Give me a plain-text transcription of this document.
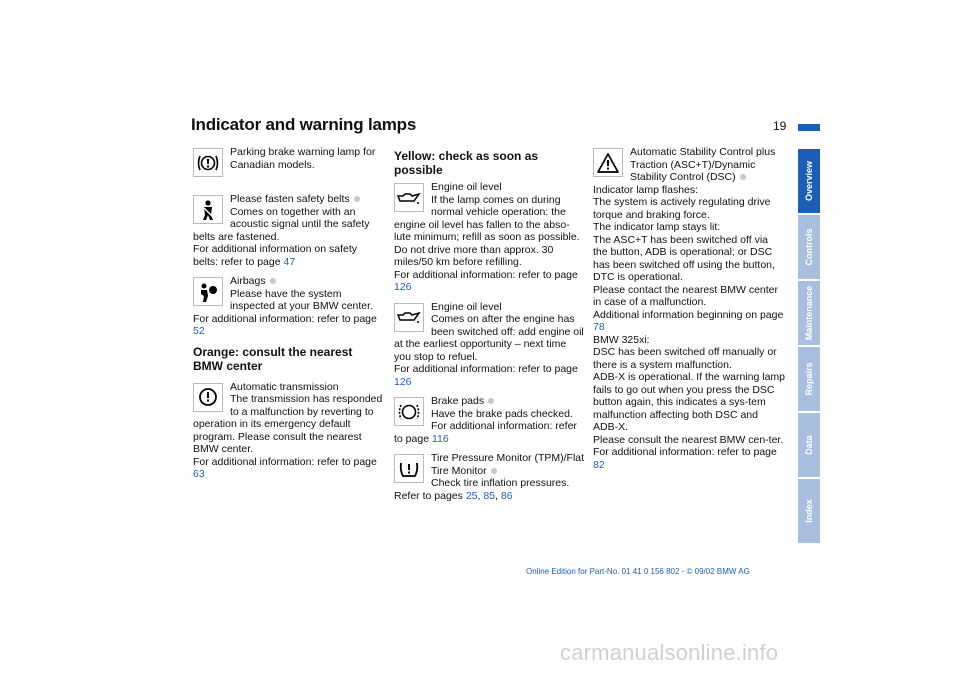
Indicator and warning lamps	19
Overview
Controls
Maintenance
Repairs
Data
Index

Parking brake warning lamp for Canadian models.

Please fasten safety belts

Comes on together with an acoustic signal until the safety belts are fastened.

For additional information on safety belts: refer to page 47

Airbags

Please have the system inspected at your BMW center.

For additional information: refer to page 52

Orange: consult the nearest BMW center

Automatic transmission

The transmission has responded to a malfunction by reverting to operation in its emergency default program. Please consult the nearest BMW center.

For additional information: refer to page 63

Yellow: check as soon as possible

Engine oil level

If the lamp comes on during normal vehicle operation: the engine oil level has fallen to the abso-lute minimum; refill as soon as possible. Do not drive more than approx. 30 miles/50 km before refilling.

For additional information: refer to page 126

Engine oil level

Comes on after the engine has been switched off: add engine oil at the earliest opportunity – next time you stop to refuel.

For additional information: refer to page 126

Brake pads

Have the brake pads checked. For additional information: refer to page 116

Tire Pressure Monitor (TPM)/Flat Tire Monitor

Check tire inflation pressures.

Refer to pages 25, 85, 86

Automatic Stability Control plus Traction (ASC+T)/Dynamic Stability Control (DSC)

Indicator lamp flashes:
The system is actively regulating drive torque and braking force.
The indicator lamp stays lit:
The ASC+T has been switched off via the button, ADB is operational; or DSC has been switched off using the button, DTC is operational.
Please contact the nearest BMW center in case of a malfunction.
Additional information beginning on page 78

BMW 325xi:
DSC has been switched off manually or there is a system malfunction.
ADB-X is operational. If the warning lamp fails to go out when you press the DSC button again, this indicates a sys-tem malfunction affecting both DSC and ADB-X.
Please consult the nearest BMW cen-ter.
For additional information: refer to page 82

Online Edition for Part-No. 01 41 0 156 802 - © 09/02 BMW AG
carmanualsonline.info
